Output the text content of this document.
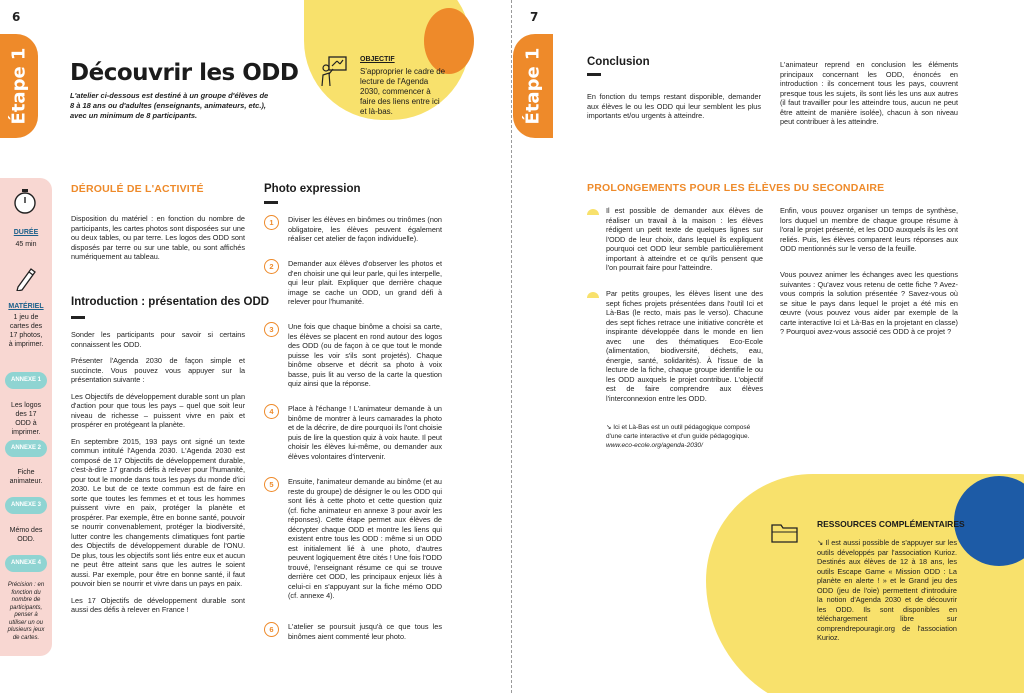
6
Étape 1 Découvrir les ODD
L'atelier ci-dessous est destiné à un groupe d'élèves de 8 à 18 ans ou d'adultes (enseignants, animateurs, etc.), avec un minimum de 8 participants.
OBJECTIF
S'approprier le cadre de lecture de l'Agenda 2030, commencer à faire des liens entre ici et là-bas.
DURÉE
45 min
MATÉRIEL
1 jeu de cartes des 17 photos, à imprimer.
ANNEXE 1
Les logos des 17 ODD à imprimer.
ANNEXE 2
Fiche animateur.
ANNEXE 3
Mémo des ODD.
ANNEXE 4
Précision : en fonction du nombre de participants, penser à utiliser un ou plusieurs jeux de cartes.
DÉROULÉ DE L'ACTIVITÉ
Disposition du matériel : en fonction du nombre de participants, les cartes photos sont disposées sur une ou deux tables, ou par terre. Les logos des ODD sont disposés par terre ou sur une table, ou sont affichés numériquement au tableau.
Introduction : présentation des ODD
Sonder les participants pour savoir si certains connaissent les ODD.
Présenter l'Agenda 2030 de façon simple et succincte. Vous pouvez vous appuyer sur la présentation suivante :
Les Objectifs de développement durable sont un plan d'action pour que tous les pays – quel que soit leur niveau de richesse – puissent vivre en paix et prospérer en protégeant la planète.
En septembre 2015, 193 pays ont signé un texte commun intitulé l'Agenda 2030. L'Agenda 2030 est composé de 17 Objectifs de développement durable, c'est-à-dire 17 grands défis à relever pour l'humanité, pour tout le monde dans tous les pays du monde d'ici 2030. Le but de ce texte commun est de faire en sorte que toutes les femmes et et tous les hommes puissent vivre en paix, protéger la planète et prospérer. Par exemple, être en bonne santé, pouvoir se nourrir convenablement, protéger la biodiversité, lutter contre les changements climatiques font partie des Objectifs de développement durable de l'ONU. De plus, tous les objectifs sont liés entre eux et aucun ne peut être atteint sans que les autres le soient aussi. Par exemple, pour être en bonne santé, il faut pouvoir bien se nourrir et vivre dans un pays en paix.
Les 17 Objectifs de développement durable sont aussi des défis à relever en France !
Photo expression
1	Diviser les élèves en binômes ou trinômes (non obligatoire, les élèves peuvent également réaliser cet atelier de façon individuelle).
2	Demander aux élèves d'observer les photos et d'en choisir une qui leur parle, qui les interpelle, qui leur plait. Expliquer que derrière chaque image se cache un ODD, un grand défi à relever pour l'humanité.
3	Une fois que chaque binôme a choisi sa carte, les élèves se placent en rond autour des logos des ODD (ou de façon à ce que tout le monde puisse les voir s'ils sont projetés). Chaque binôme observe et décrit sa photo à voix basse, puis lit au verso de la carte la question quiz ainsi que la réponse.
4	Place à l'échange ! L'animateur demande à un binôme de montrer à leurs camarades la photo et de la décrire, de dire pourquoi ils l'ont choisie puis de lire la question quiz à voix haute. Il peut choisir les élèves lui-même, ou demander aux élèves volontaires d'intervenir.
5	Ensuite, l'animateur demande au binôme (et au reste du groupe) de désigner le ou les ODD qui sont liés à cette photo et cette question quiz (cf. fiche animateur en annexe 3 pour avoir les réponses). Cette étape permet aux élèves de décrypter chaque ODD et montre les liens qui existent entre tous les ODD : même si un ODD est initialement lié à une photo, d'autres peuvent logiquement être cités ! Une fois l'ODD trouvé, l'enseignant résume ce qui se trouve derrière cet ODD, les principaux enjeux liés à celui-ci en s'appuyant sur la fiche mémo ODD (cf. annexe 4).
6	L'atelier se poursuit jusqu'à ce que tous les binômes aient commenté leur photo.
7
Étape 1	Conclusion
En fonction du temps restant disponible, demander aux élèves le ou les ODD qui leur semblent les plus importants et/ou urgents à atteindre.
L'animateur reprend en conclusion les éléments principaux concernant les ODD, énoncés en introduction : ils concernent tous les pays, couvrent presque tous les sujets, ils sont liés les uns aux autres (il faut travailler pour les atteindre tous, aucun ne peut être atteint de manière isolée), chacun à son niveau peut contribuer à les atteindre.
PROLONGEMENTS POUR LES ÉLÈVES DU SECONDAIRE
Il est possible de demander aux élèves de réaliser un travail à la maison : les élèves rédigent un petit texte de quelques lignes sur l'ODD de leur choix, dans lequel ils expliquent pourquoi cet ODD leur semble particulièrement important à atteindre et ce qu'ils pensent que l'on pourrait faire pour l'atteindre.
Par petits groupes, les élèves lisent une des sept fiches projets présentées dans l'outil Ici et Là-Bas (le recto, mais pas le verso). Chacune des sept fiches retrace une initiative concrète et inspirante développée dans le monde en lien avec une des thématiques Eco-Ecole (alimentation, biodiversité, déchets, eau, énergie, santé, solidarités). À l'issue de la lecture de la fiche, chaque groupe identifie le ou les ODD auxquels le projet contribue. L'objectif est de faire comprendre aux élèves l'interconnexion entre les ODD.
↘ Ici et Là-Bas est un outil pédagogique composé d'une carte interactive et d'un guide pédagogique.
www.eco-ecole.org/agenda-2030/
Enfin, vous pouvez organiser un temps de synthèse, lors duquel un membre de chaque groupe résume à l'oral le projet présenté, et les ODD auxquels ils les ont reliés. Puis, les élèves comparent leurs réponses aux ODD mentionnés sur le verso de la feuille.
Vous pouvez animer les échanges avec les questions suivantes : Qu'avez vous retenu de cette fiche ? Avez-vous compris la solution présentée ? Savez-vous où se situe le pays dans lequel le projet a été mis en œuvre (vous pouvez vous aider par exemple de la carte interactive Ici et Là-Bas en la projetant en classe) ? Pourquoi avez-vous associé ces ODD à ce projet ?
RESSOURCES COMPLÉMENTAIRES
↘ Il est aussi possible de s'appuyer sur les outils développés par l'association Kurioz. Destinés aux élèves de 12 à 18 ans, les outils Escape Game « Mission ODD : La planète en alerte ! » et le Grand jeu des ODD (jeu de l'oie) permettent d'introduire la notion d'Agenda 2030 et de découvrir les ODD. Ils sont disponibles en téléchargement libre sur comprendrepouragir.org de l'association Kurioz.
